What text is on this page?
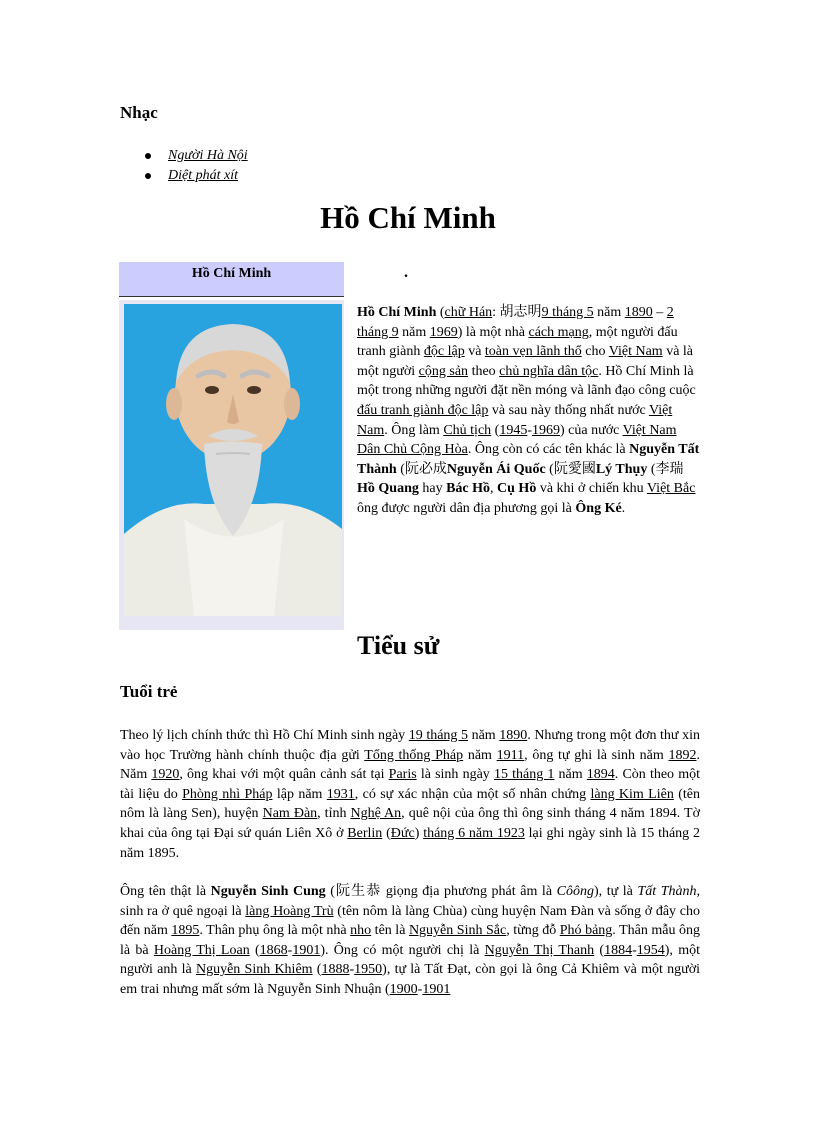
Nhạc
Người Hà Nội
Diệt phát xít
Hồ Chí Minh
Hồ Chí Minh	.
Hồ Chí Minh (chữ Hán: 胡志明9 tháng 5 năm 1890 – 2 tháng 9 năm 1969) là một nhà cách mạng, một người đấu tranh giành độc lập và toàn vẹn lãnh thổ cho Việt Nam và là một người cộng sản theo chủ nghĩa dân tộc. Hồ Chí Minh là một trong những người đặt nền móng và lãnh đạo công cuộc đấu tranh giành độc lập và sau này thống nhất nước Việt Nam. Ông làm Chủ tịch (1945-1969) của nước Việt Nam Dân Chủ Cộng Hòa. Ông còn có các tên khác là Nguyễn Tất Thành (阮必成Nguyễn Ái Quốc (阮愛國Lý Thụy (李瑞 Hồ Quang hay Bác Hồ, Cụ Hồ và khi ở chiến khu Việt Bắc ông được người dân địa phương gọi là Ông Ké.
Tiểu sử
Tuổi trẻ
Theo lý lịch chính thức thì Hồ Chí Minh sinh ngày 19 tháng 5 năm 1890. Nhưng trong một đơn thư xin vào học Trường hành chính thuộc địa gửi Tổng thống Pháp năm 1911, ông tự ghi là sinh năm 1892. Năm 1920, ông khai với một quân cảnh sát tại Paris là sinh ngày 15 tháng 1 năm 1894. Còn theo một tài liệu do Phòng nhì Pháp lập năm 1931, có sự xác nhận của một số nhân chứng làng Kim Liên (tên nôm là làng Sen), huyện Nam Đàn, tỉnh Nghệ An, quê nội của ông thì ông sinh tháng 4 năm 1894. Tờ khai của ông tại Đại sứ quán Liên Xô ở Berlin (Đức) tháng 6 năm 1923 lại ghi ngày sinh là 15 tháng 2 năm 1895.
Ông tên thật là Nguyễn Sinh Cung (阮生恭 giọng địa phương phát âm là Côông), tự là Tất Thành, sinh ra ở quê ngoại là làng Hoàng Trù (tên nôm là làng Chùa) cùng huyện Nam Đàn và sống ở đây cho đến năm 1895. Thân phụ ông là một nhà nho tên là Nguyễn Sinh Sắc, từng đỗ Phó bảng. Thân mẫu ông là bà Hoàng Thị Loan (1868-1901). Ông có một người chị là Nguyễn Thị Thanh (1884-1954), một người anh là Nguyễn Sinh Khiêm (1888-1950), tự là Tất Đạt, còn gọi là ông Cả Khiêm và một người em trai nhưng mất sớm là Nguyễn Sinh Nhuận (1900-1901
